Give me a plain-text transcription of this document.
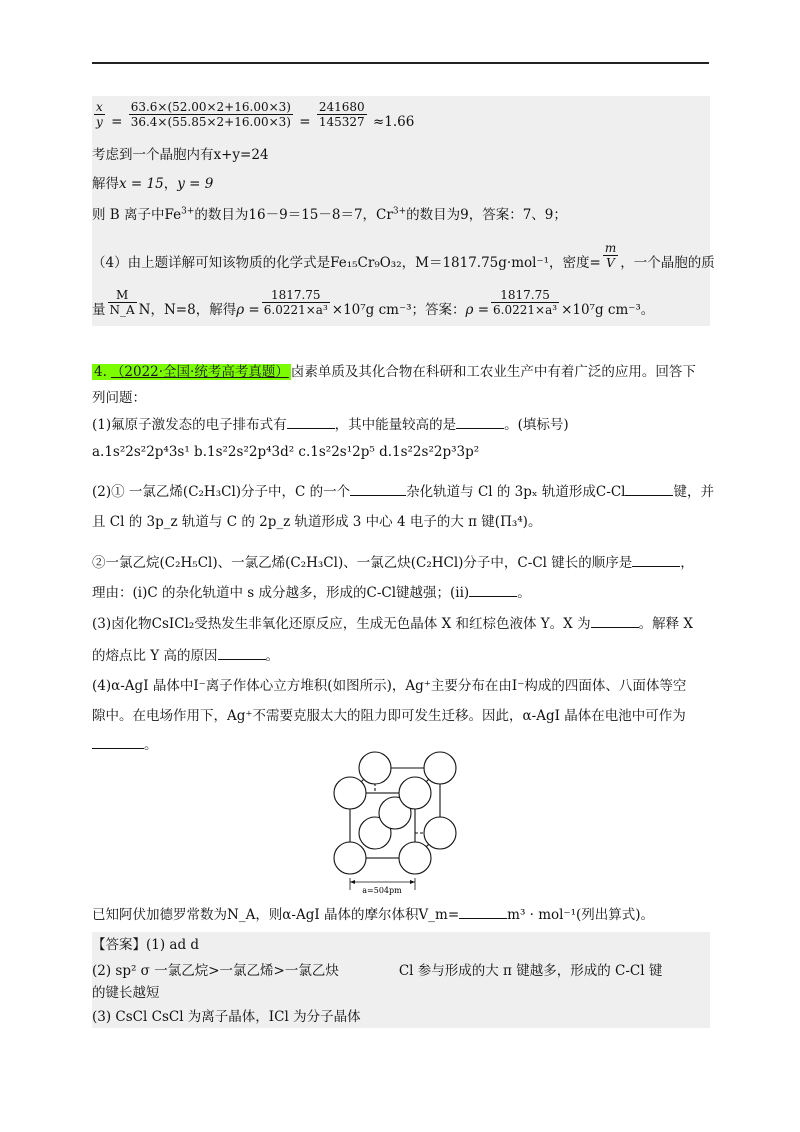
$\frac{x}{y} = \frac{63.6\times(52.00\times 2+16.00\times 3)}{36.4\times(55.85\times 2+16.00\times 3)} = \frac{241680}{145327} \approx 1.66$
考虑到一个晶胞内有x+y=24
解得x = 15，y = 9
则 B 离子中$Fe^{3+}$的数目为16－9＝15－8＝7，$Cr^{3+}$的数目为9，答案：7、9；
（4）由上题详解可知该物质的化学式是Fe₁₅Cr₉O₃₂，M＝1817.75g·mol⁻¹，密度= $\frac{m}{V}$ ，一个晶胞的质
量 $\frac{M}{N\_A}$ N，N=8，解得$\rho = \frac{1817.75}{\text{6.0221×a³}} \times 10^7g$ cm⁻³；答案：$\rho = \frac{1817.75}{\text{6.0221×a³}} \times 10^7g$ cm⁻³。
4. （2022·全国·统考高考真题） 卤素单质及其化合物在科研和工农业生产中有着广泛的应用。回答下
列问题：
(1)氟原子激发态的电子排布式有	，其中能量较高的是	。(填标号)
a.1s²2s²2p⁴3s¹ b.1s²2s²2p⁴3d² c.1s²2s¹2p⁵ d.1s²2s²2p³3p²
(2)① 一氯乙烯(C₂H₃Cl)分子中，C 的一个	杂化轨道与 Cl 的 3pₓ 轨道形成C-Cl	键，并
且 Cl 的 3p_z 轨道与 C 的 2p_z 轨道形成 3 中心 4 电子的大 π 键(Π₃⁴)。
②一氯乙烷(C₂H₅Cl)、一氯乙烯(C₂H₃Cl)、一氯乙炔(C₂HCl)分子中，C-Cl 键长的顺序是	，
理由：(i)C 的杂化轨道中 s 成分越多，形成的C-Cl键越强；(ii)	。
(3)卤化物CsICl₂受热发生非氧化还原反应，生成无色晶体 X 和红棕色液体 Y。X 为	。解释 X
的熔点比 Y 高的原因	。
(4)α-AgI 晶体中I⁻离子作体心立方堆积(如图所示)，Ag⁺主要分布在由I⁻构成的四面体、八面体等空
隙中。在电场作用下，Ag⁺不需要克服太大的阻力即可发生迁移。因此，α-AgI 晶体在电池中可作为
。
a=504pm
已知阿伏加德罗常数为N_A，则α-AgI 晶体的摩尔体积V_m=	m³ · mol⁻¹(列出算式)。
【答案】(1) ad d
(2) sp² σ 一氯乙烷>一氯乙烯>一氯乙炔	Cl 参与形成的大 π 键越多，形成的 C-Cl 键
的键长越短
(3) CsCl CsCl 为离子晶体，ICl 为分子晶体
